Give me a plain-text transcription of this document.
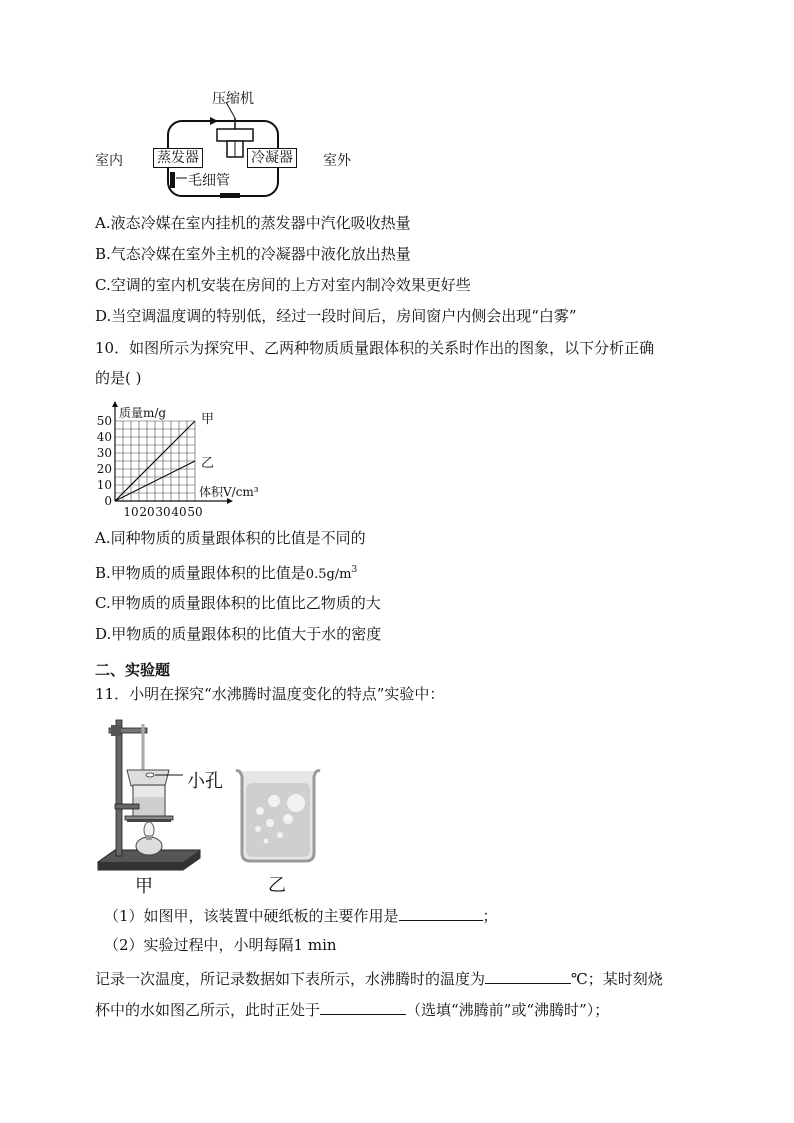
压缩机
室内	室外
蒸发器	冷凝器
毛细管
A.液态冷媒在室内挂机的蒸发器中汽化吸收热量
B.气态冷媒在室外主机的冷凝器中液化放出热量
C.空调的室内机安装在房间的上方对室内制冷效果更好些
D.当空调温度调的特别低，经过一段时间后，房间窗户内侧会出现“白雾”
10．如图所示为探究甲、乙两种物质质量跟体积的关系时作出的图象，以下分析正确
的是( )
甲
乙
0
10
20
30
40
50
10 20 30 40 50
质量m/g
体积V/cm³
A.同种物质的质量跟体积的比值是不同的
B.甲物质的质量跟体积的比值是$0.5g/m^3$
C.甲物质的质量跟体积的比值比乙物质的大
D.甲物质的质量跟体积的比值大于水的密度
二、实验题
11．小明在探究“水沸腾时温度变化的特点”实验中：
小孔
甲	乙
（1）如图甲，该装置中硬纸板的主要作用是	；
（2）实验过程中，小明每隔1 min
记录一次温度，所记录数据如下表所示，水沸腾时的温度为	℃；某时刻烧
杯中的水如图乙所示，此时正处于	（选填“沸腾前”或“沸腾时”）；
